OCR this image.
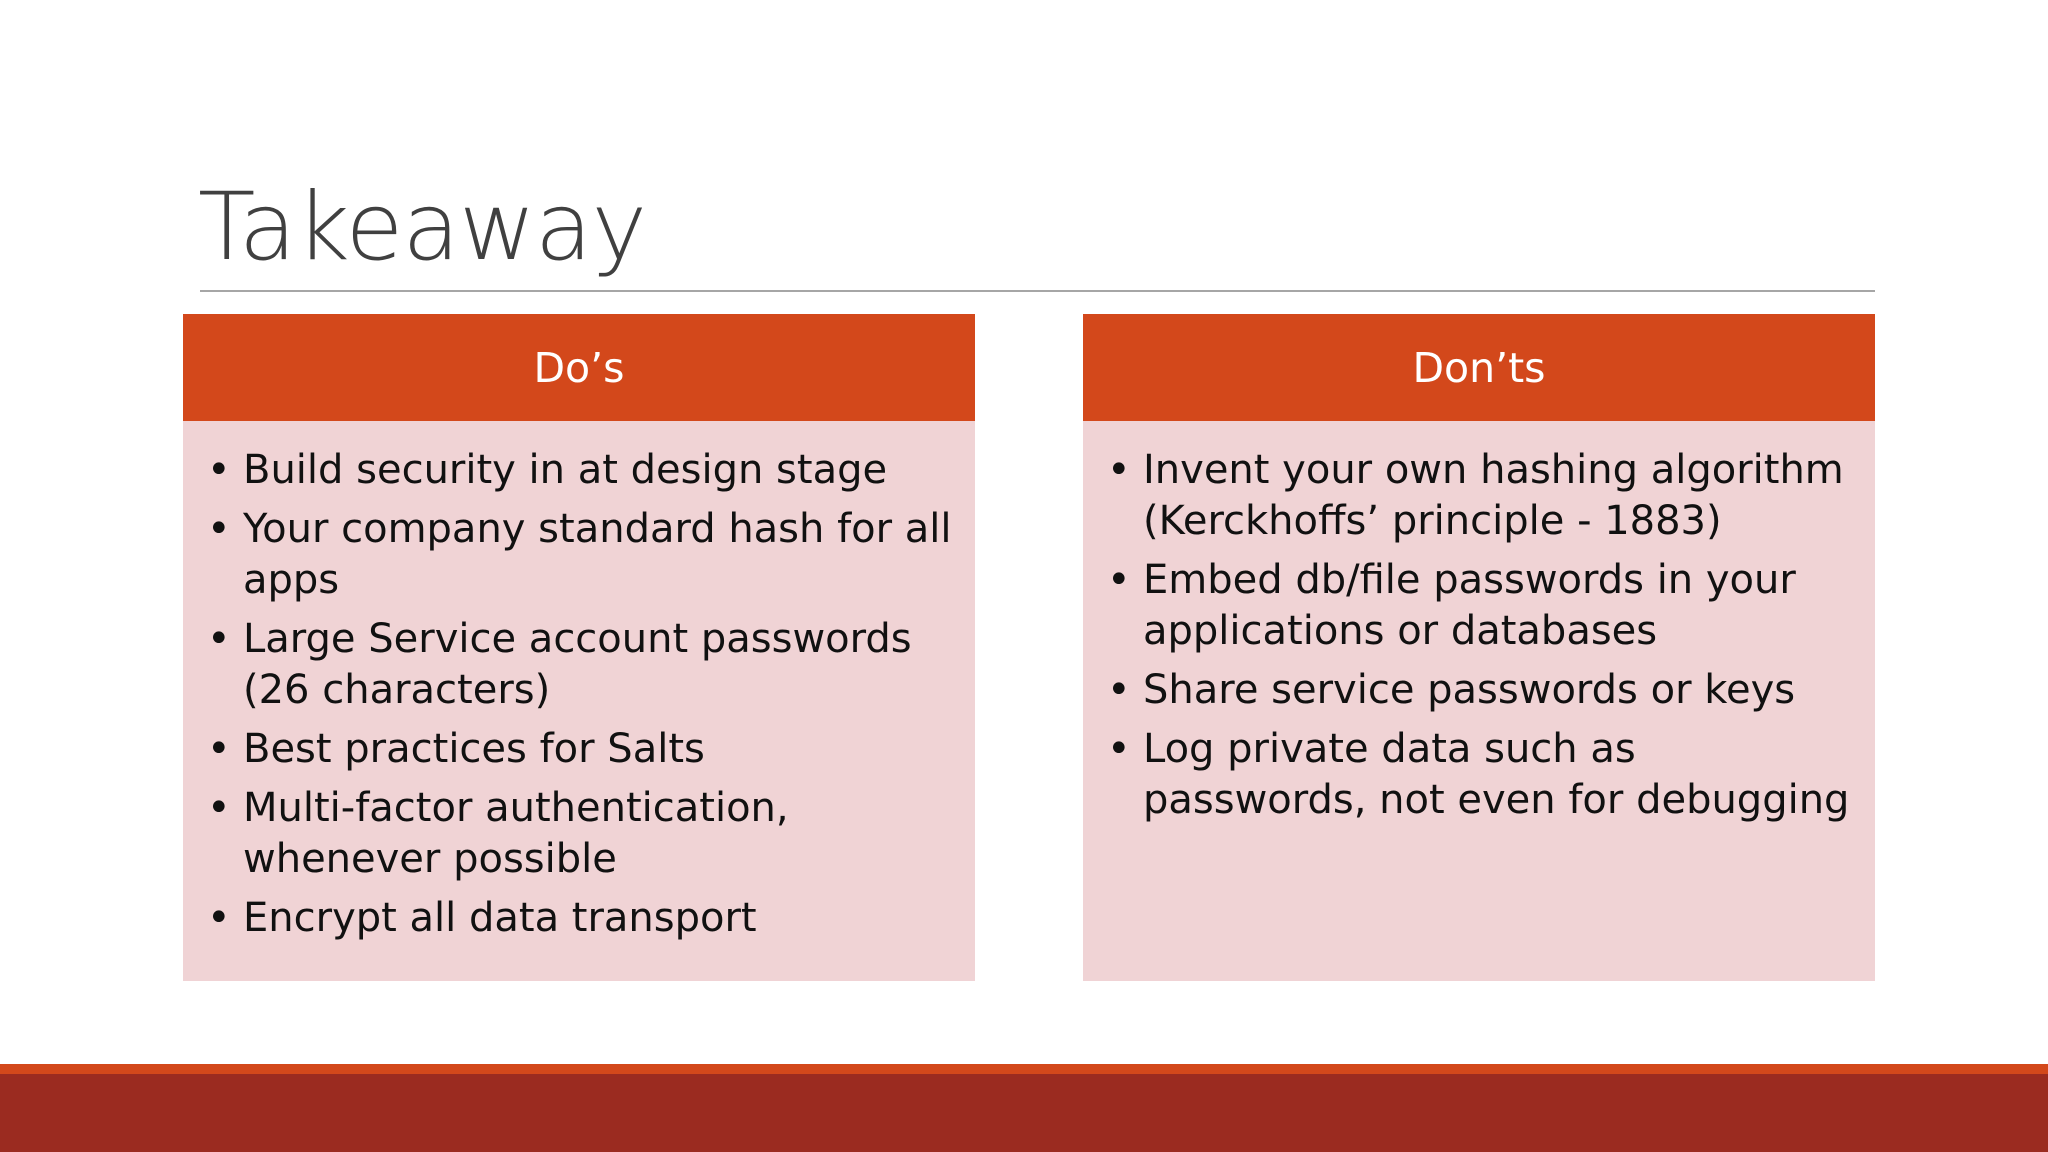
Takeaway
Do’s
• Build security in at design stage
• Your company standard hash for all apps
• Large Service account passwords (26 characters)
• Best practices for Salts
• Multi-factor authentication, whenever possible
• Encrypt all data transport
Don’ts
• Invent your own hashing algorithm (Kerckhoffs’ principle - 1883)
• Embed db/file passwords in your applications or databases
• Share service passwords or keys
• Log private data such as passwords, not even for debugging
